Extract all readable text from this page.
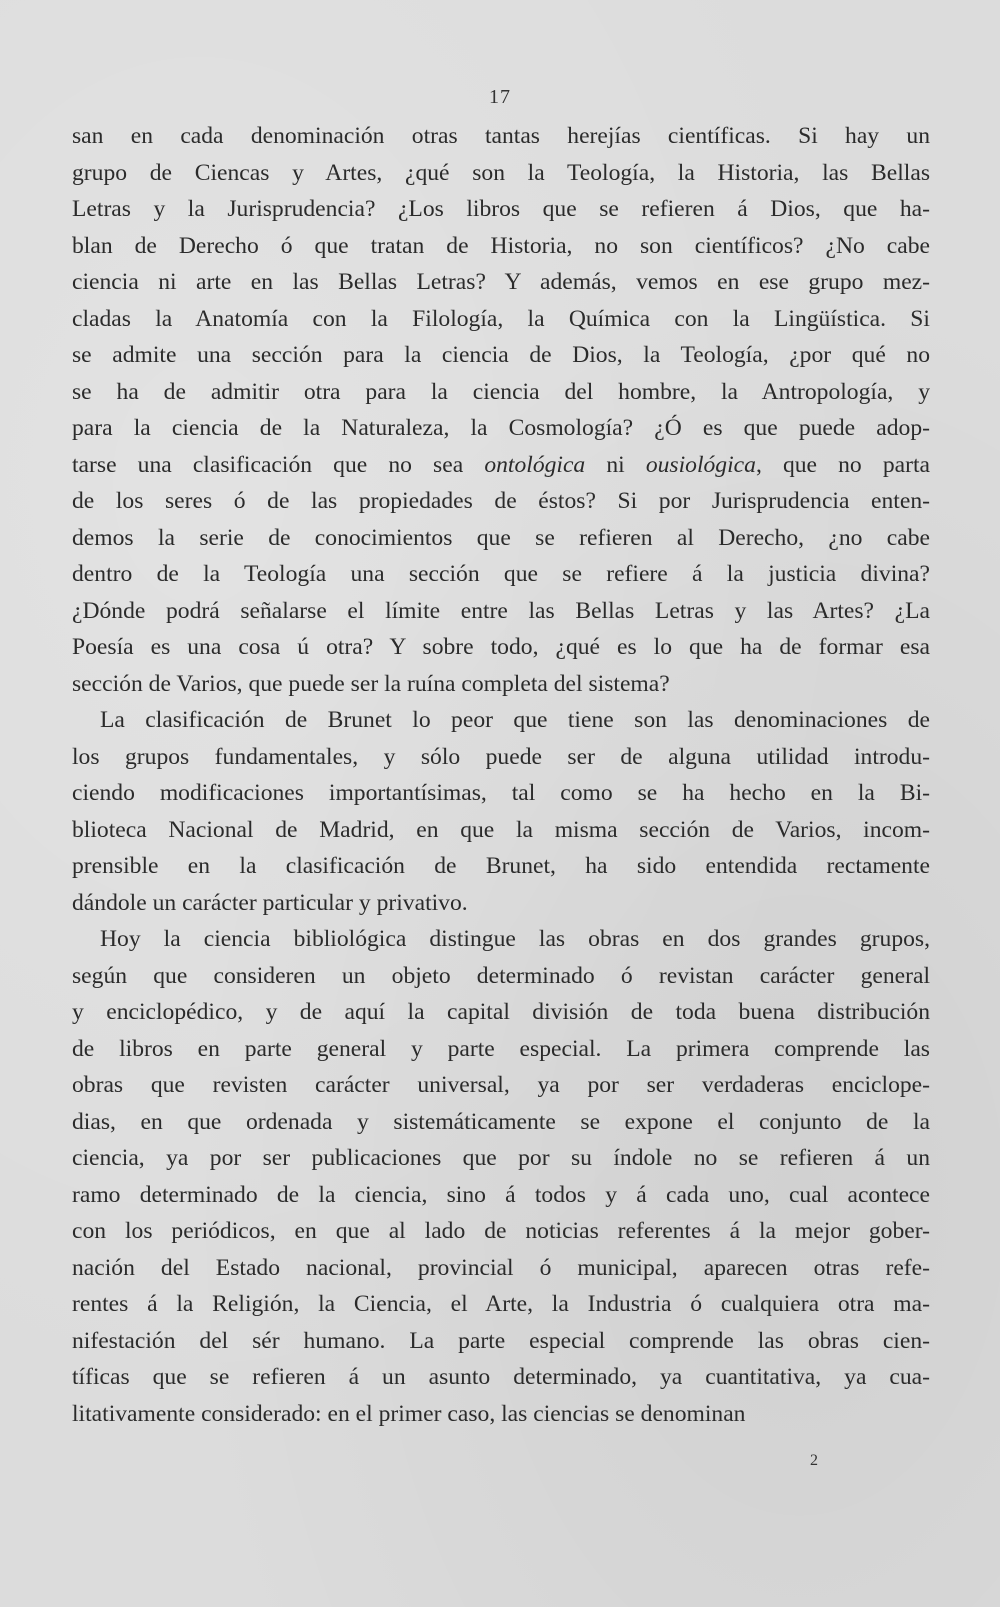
17
san en cada denominación otras tantas herejías científicas. Si hay un
grupo de Ciencas y Artes, ¿qué son la Teología, la Historia, las Bellas
Letras y la Jurisprudencia? ¿Los libros que se refieren á Dios, que ha-
blan de Derecho ó que tratan de Historia, no son científicos? ¿No cabe
ciencia ni arte en las Bellas Letras? Y además, vemos en ese grupo mez-
cladas la Anatomía con la Filología, la Química con la Lingüística. Si
se admite una sección para la ciencia de Dios, la Teología, ¿por qué no
se ha de admitir otra para la ciencia del hombre, la Antropología, y
para la ciencia de la Naturaleza, la Cosmología? ¿Ó es que puede adop-
tarse una clasificación que no sea ontológica ni ousiológica, que no parta
de los seres ó de las propiedades de éstos? Si por Jurisprudencia enten-
demos la serie de conocimientos que se refieren al Derecho, ¿no cabe
dentro de la Teología una sección que se refiere á la justicia divina?
¿Dónde podrá señalarse el límite entre las Bellas Letras y las Artes? ¿La
Poesía es una cosa ú otra? Y sobre todo, ¿qué es lo que ha de formar esa
sección de Varios, que puede ser la ruína completa del sistema?
La clasificación de Brunet lo peor que tiene son las denominaciones de
los grupos fundamentales, y sólo puede ser de alguna utilidad introdu-
ciendo modificaciones importantísimas, tal como se ha hecho en la Bi-
blioteca Nacional de Madrid, en que la misma sección de Varios, incom-
prensible en la clasificación de Brunet, ha sido entendida rectamente
dándole un carácter particular y privativo.
Hoy la ciencia bibliológica distingue las obras en dos grandes grupos,
según que consideren un objeto determinado ó revistan carácter general
y enciclopédico, y de aquí la capital división de toda buena distribución
de libros en parte general y parte especial. La primera comprende las
obras que revisten carácter universal, ya por ser verdaderas enciclope-
dias, en que ordenada y sistemáticamente se expone el conjunto de la
ciencia, ya por ser publicaciones que por su índole no se refieren á un
ramo determinado de la ciencia, sino á todos y á cada uno, cual acontece
con los periódicos, en que al lado de noticias referentes á la mejor gober-
nación del Estado nacional, provincial ó municipal, aparecen otras refe-
rentes á la Religión, la Ciencia, el Arte, la Industria ó cualquiera otra ma-
nifestación del sér humano. La parte especial comprende las obras cien-
tíficas que se refieren á un asunto determinado, ya cuantitativa, ya cua-
litativamente considerado: en el primer caso, las ciencias se denominan
2
